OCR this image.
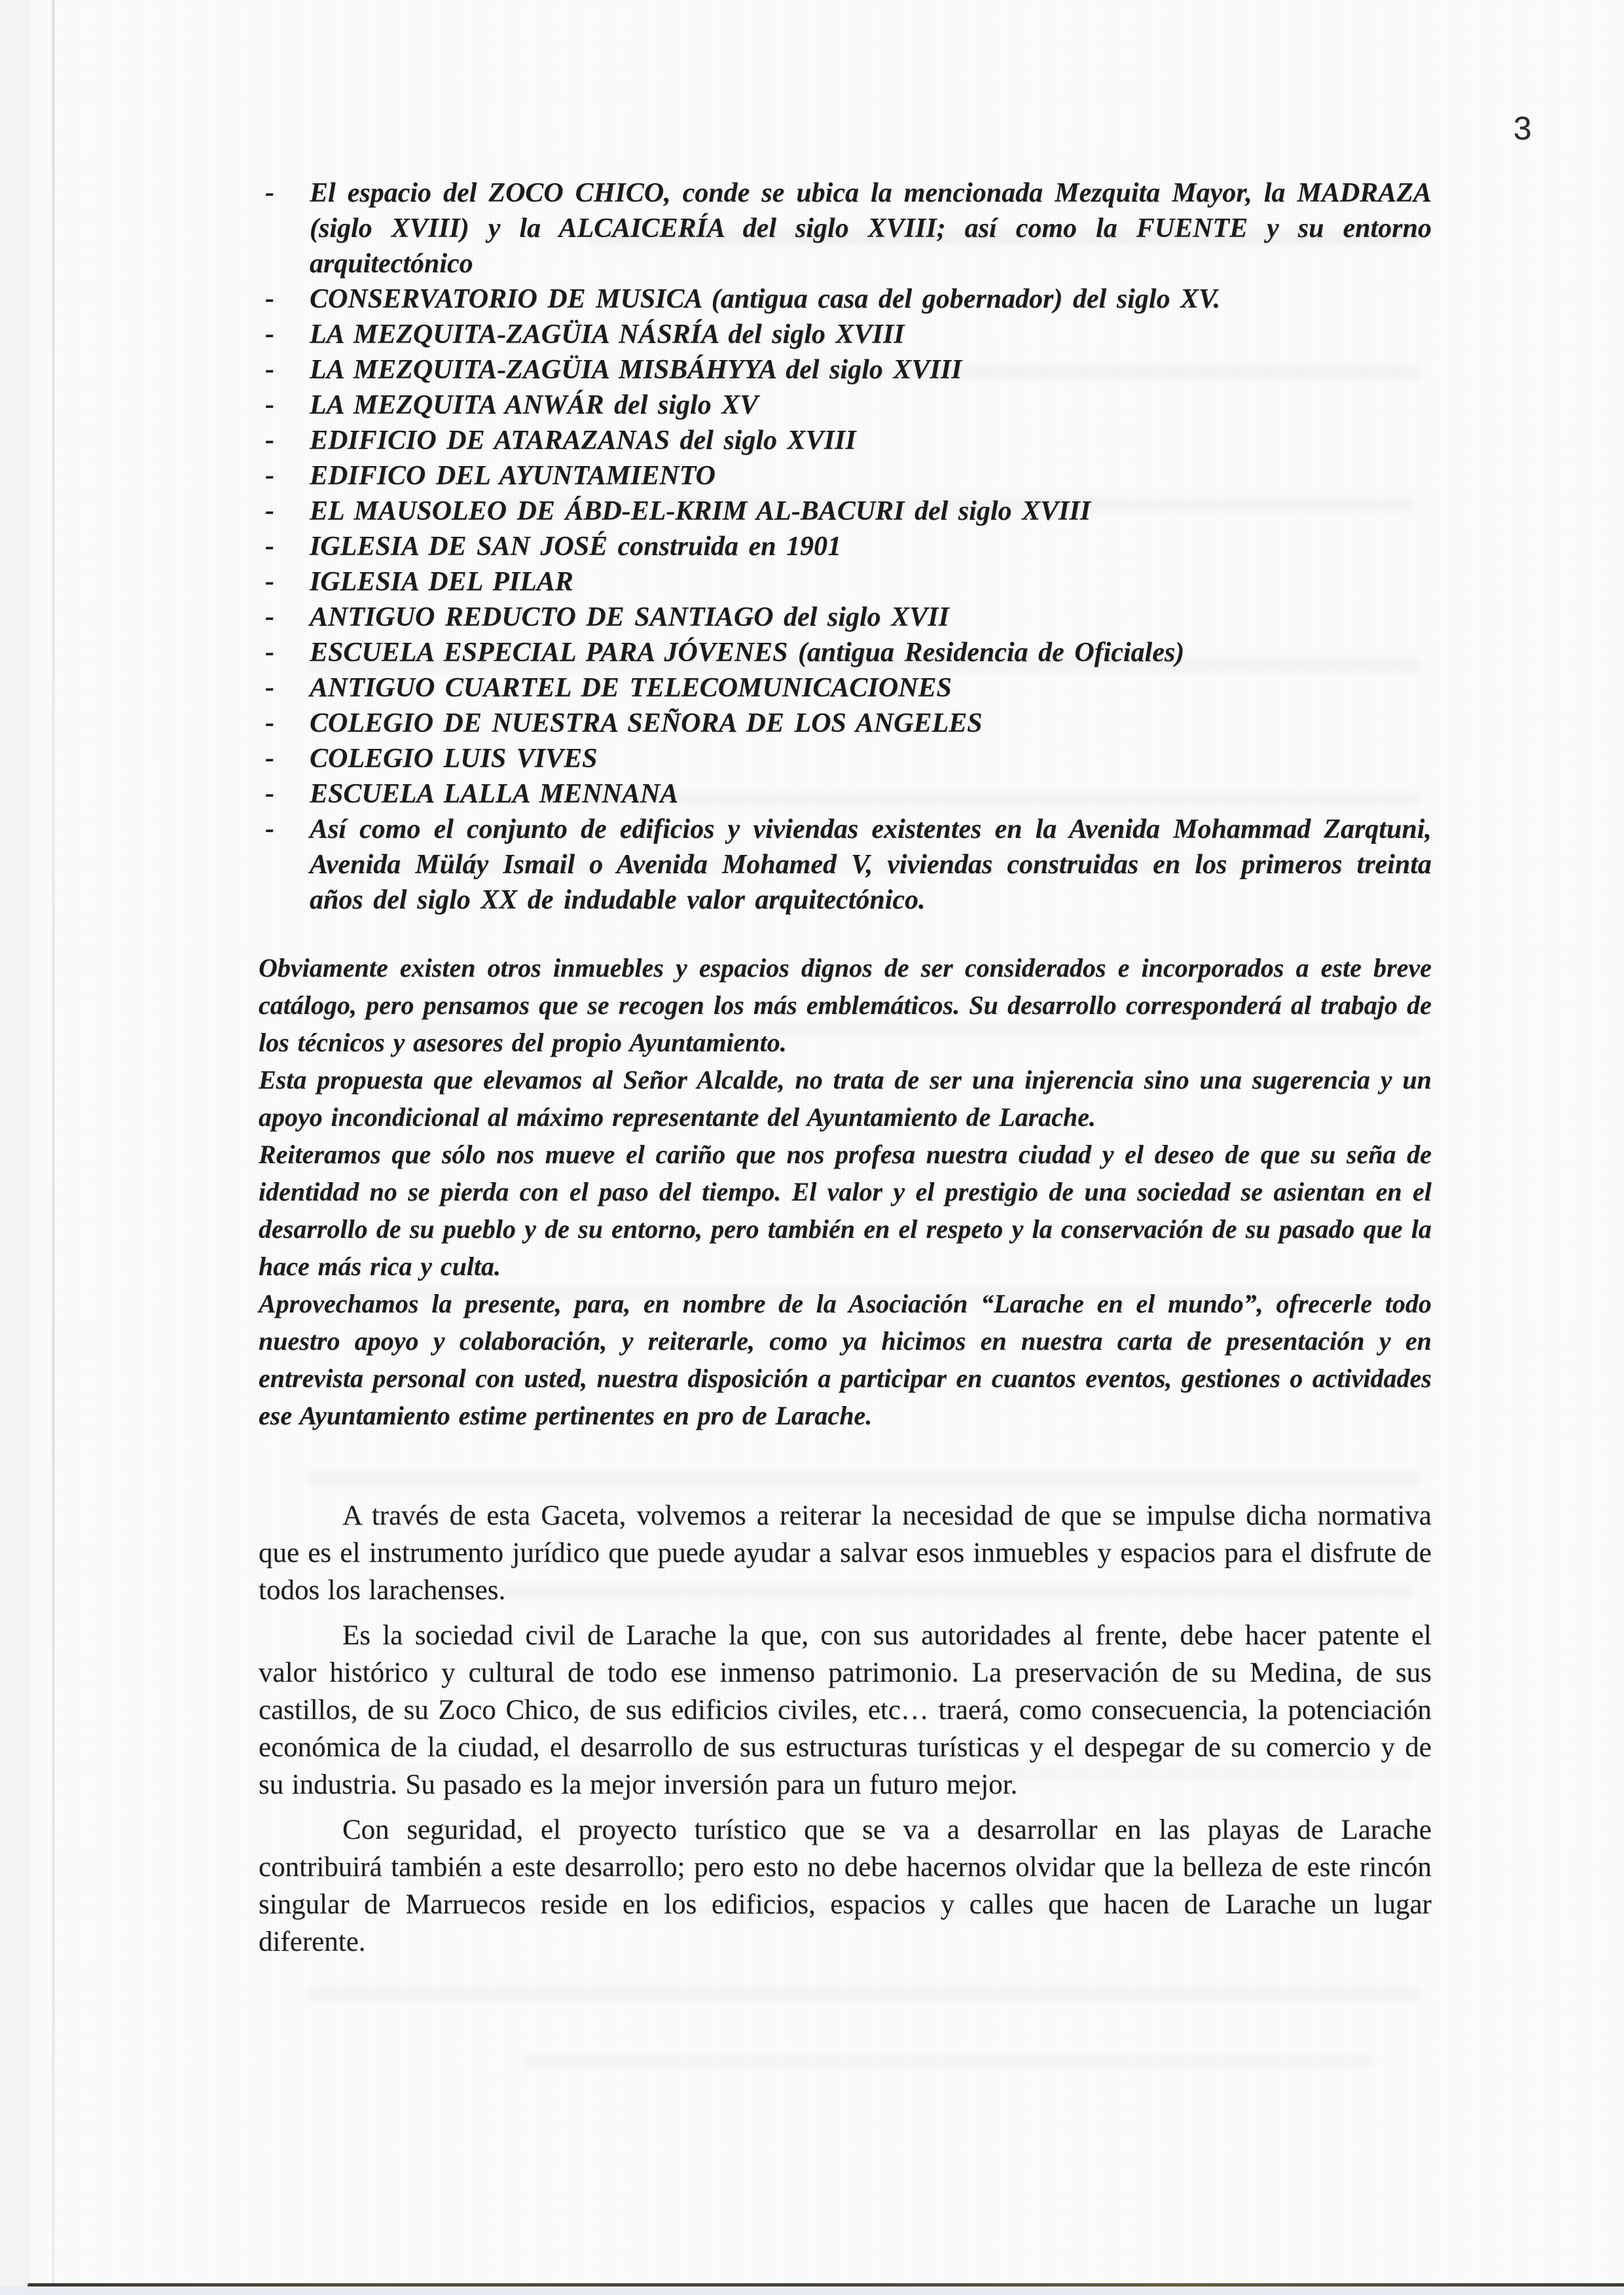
3
- El espacio del ZOCO CHICO, conde se ubica la mencionada Mezquita Mayor, la MADRAZA (siglo XVIII) y la ALCAICERÍA del siglo XVIII; así como la FUENTE y su entorno arquitectónico
- CONSERVATORIO DE MUSICA (antigua casa del gobernador) del siglo XV.
- LA MEZQUITA-ZAGÜIA NÁSRÍA del siglo XVIII
- LA MEZQUITA-ZAGÜIA MISBÁHYYA del siglo XVIII
- LA MEZQUITA ANWÁR del siglo XV
- EDIFICIO DE ATARAZANAS del siglo XVIII
- EDIFICO DEL AYUNTAMIENTO
- EL MAUSOLEO DE ÁBD-EL-KRIM AL-BACURI del siglo XVIII
- IGLESIA DE SAN JOSÉ construida en 1901
- IGLESIA DEL PILAR
- ANTIGUO REDUCTO DE SANTIAGO del siglo XVII
- ESCUELA ESPECIAL PARA JÓVENES (antigua Residencia de Oficiales)
- ANTIGUO CUARTEL DE TELECOMUNICACIONES
- COLEGIO DE NUESTRA SEÑORA DE LOS ANGELES
- COLEGIO LUIS VIVES
- ESCUELA LALLA MENNANA
- Así como el conjunto de edificios y viviendas existentes en la Avenida Mohammad Zarqtuni, Avenida Müláy Ismail o Avenida Mohamed V, viviendas construidas en los primeros treinta años del siglo XX de indudable valor arquitectónico.

Obviamente existen otros inmuebles y espacios dignos de ser considerados e incorporados a este breve catálogo, pero pensamos que se recogen los más emblemáticos. Su desarrollo corresponderá al trabajo de los técnicos y asesores del propio Ayuntamiento.

Esta propuesta que elevamos al Señor Alcalde, no trata de ser una injerencia sino una sugerencia y un apoyo incondicional al máximo representante del Ayuntamiento de Larache.

Reiteramos que sólo nos mueve el cariño que nos profesa nuestra ciudad y el deseo de que su seña de identidad no se pierda con el paso del tiempo. El valor y el prestigio de una sociedad se asientan en el desarrollo de su pueblo y de su entorno, pero también en el respeto y la conservación de su pasado que la hace más rica y culta.

Aprovechamos la presente, para, en nombre de la Asociación “Larache en el mundo”, ofrecerle todo nuestro apoyo y colaboración, y reiterarle, como ya hicimos en nuestra carta de presentación y en entrevista personal con usted, nuestra disposición a participar en cuantos eventos, gestiones o actividades ese Ayuntamiento estime pertinentes en pro de Larache.

A través de esta Gaceta, volvemos a reiterar la necesidad de que se impulse dicha normativa que es el instrumento jurídico que puede ayudar a salvar esos inmuebles y espacios para el disfrute de todos los larachenses.

Es la sociedad civil de Larache la que, con sus autoridades al frente, debe hacer patente el valor histórico y cultural de todo ese inmenso patrimonio. La preservación de su Medina, de sus castillos, de su Zoco Chico, de sus edificios civiles, etc… traerá, como consecuencia, la potenciación económica de la ciudad, el desarrollo de sus estructuras turísticas y el despegar de su comercio y de su industria. Su pasado es la mejor inversión para un futuro mejor.

Con seguridad, el proyecto turístico que se va a desarrollar en las playas de Larache contribuirá también a este desarrollo; pero esto no debe hacernos olvidar que la belleza de este rincón singular de Marruecos reside en los edificios, espacios y calles que hacen de Larache un lugar diferente.
